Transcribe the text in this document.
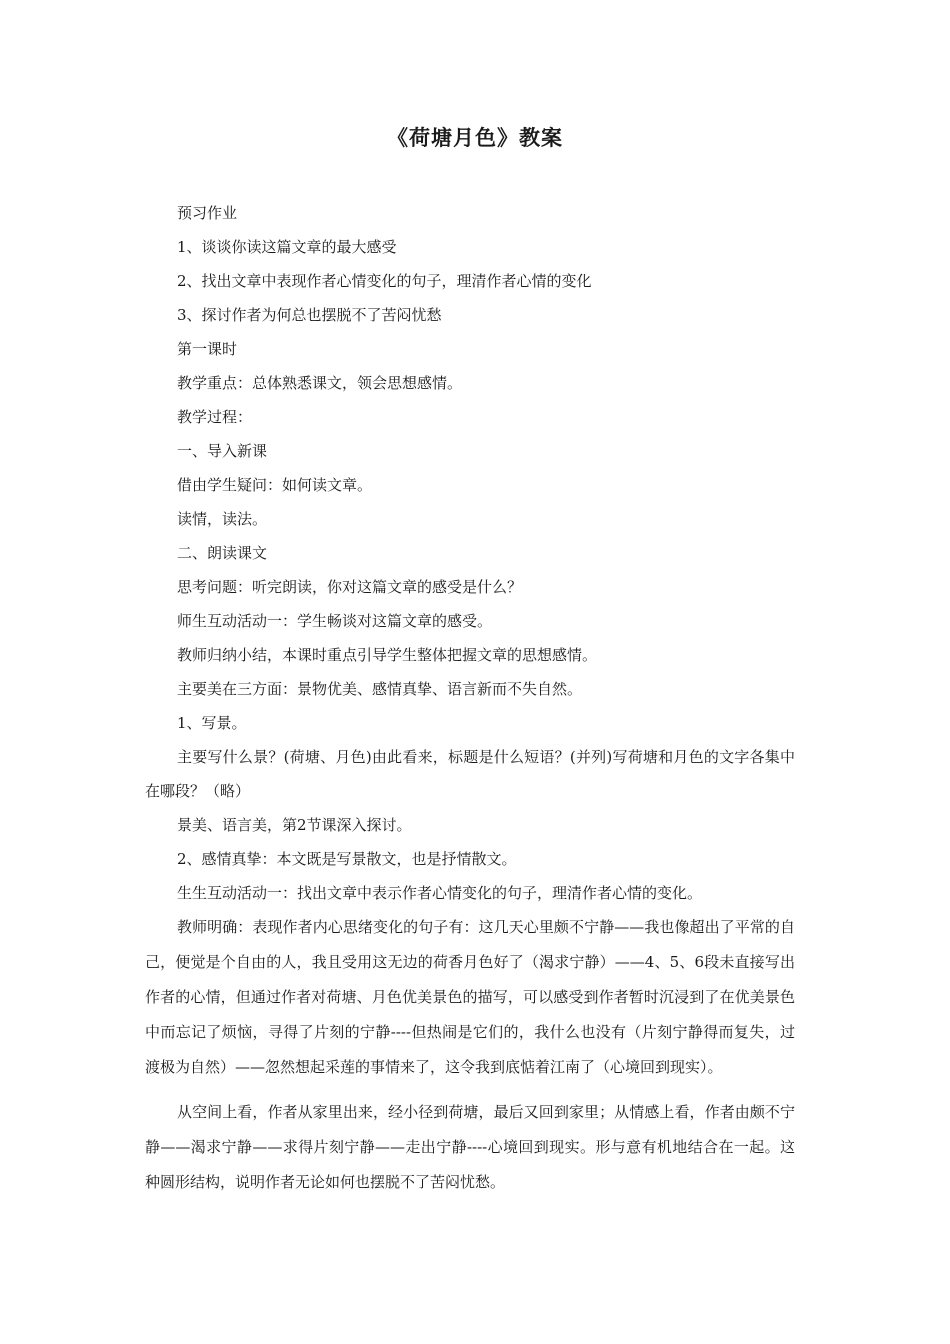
《荷塘月色》教案

预习作业

1、谈谈你读这篇文章的最大感受

2、找出文章中表现作者心情变化的句子，理清作者心情的变化

3、探讨作者为何总也摆脱不了苦闷忧愁

第一课时

教学重点：总体熟悉课文，领会思想感情。

教学过程：

一、导入新课

借由学生疑问：如何读文章。

读情，读法。

二、朗读课文

思考问题：听完朗读，你对这篇文章的感受是什么？

师生互动活动一：学生畅谈对这篇文章的感受。

教师归纳小结，本课时重点引导学生整体把握文章的思想感情。

主要美在三方面：景物优美、感情真挚、语言新而不失自然。

1、写景。

主要写什么景？(荷塘、月色)由此看来，标题是什么短语？(并列)写荷塘和月色的文字各集中在哪段？（略）

景美、语言美，第2节课深入探讨。

2、感情真挚：本文既是写景散文，也是抒情散文。

生生互动活动一：找出文章中表示作者心情变化的句子，理清作者心情的变化。

教师明确：表现作者内心思绪变化的句子有：这几天心里颇不宁静——我也像超出了平常的自己，便觉是个自由的人，我且受用这无边的荷香月色好了（渴求宁静）——4、5、6段未直接写出作者的心情，但通过作者对荷塘、月色优美景色的描写，可以感受到作者暂时沉浸到了在优美景色中而忘记了烦恼，寻得了片刻的宁静----但热闹是它们的，我什么也没有（片刻宁静得而复失，过渡极为自然）——忽然想起采莲的事情来了，这令我到底惦着江南了（心境回到现实）。

从空间上看，作者从家里出来，经小径到荷塘，最后又回到家里；从情感上看，作者由颇不宁静——渴求宁静——求得片刻宁静——走出宁静----心境回到现实。形与意有机地结合在一起。这种圆形结构，说明作者无论如何也摆脱不了苦闷忧愁。
